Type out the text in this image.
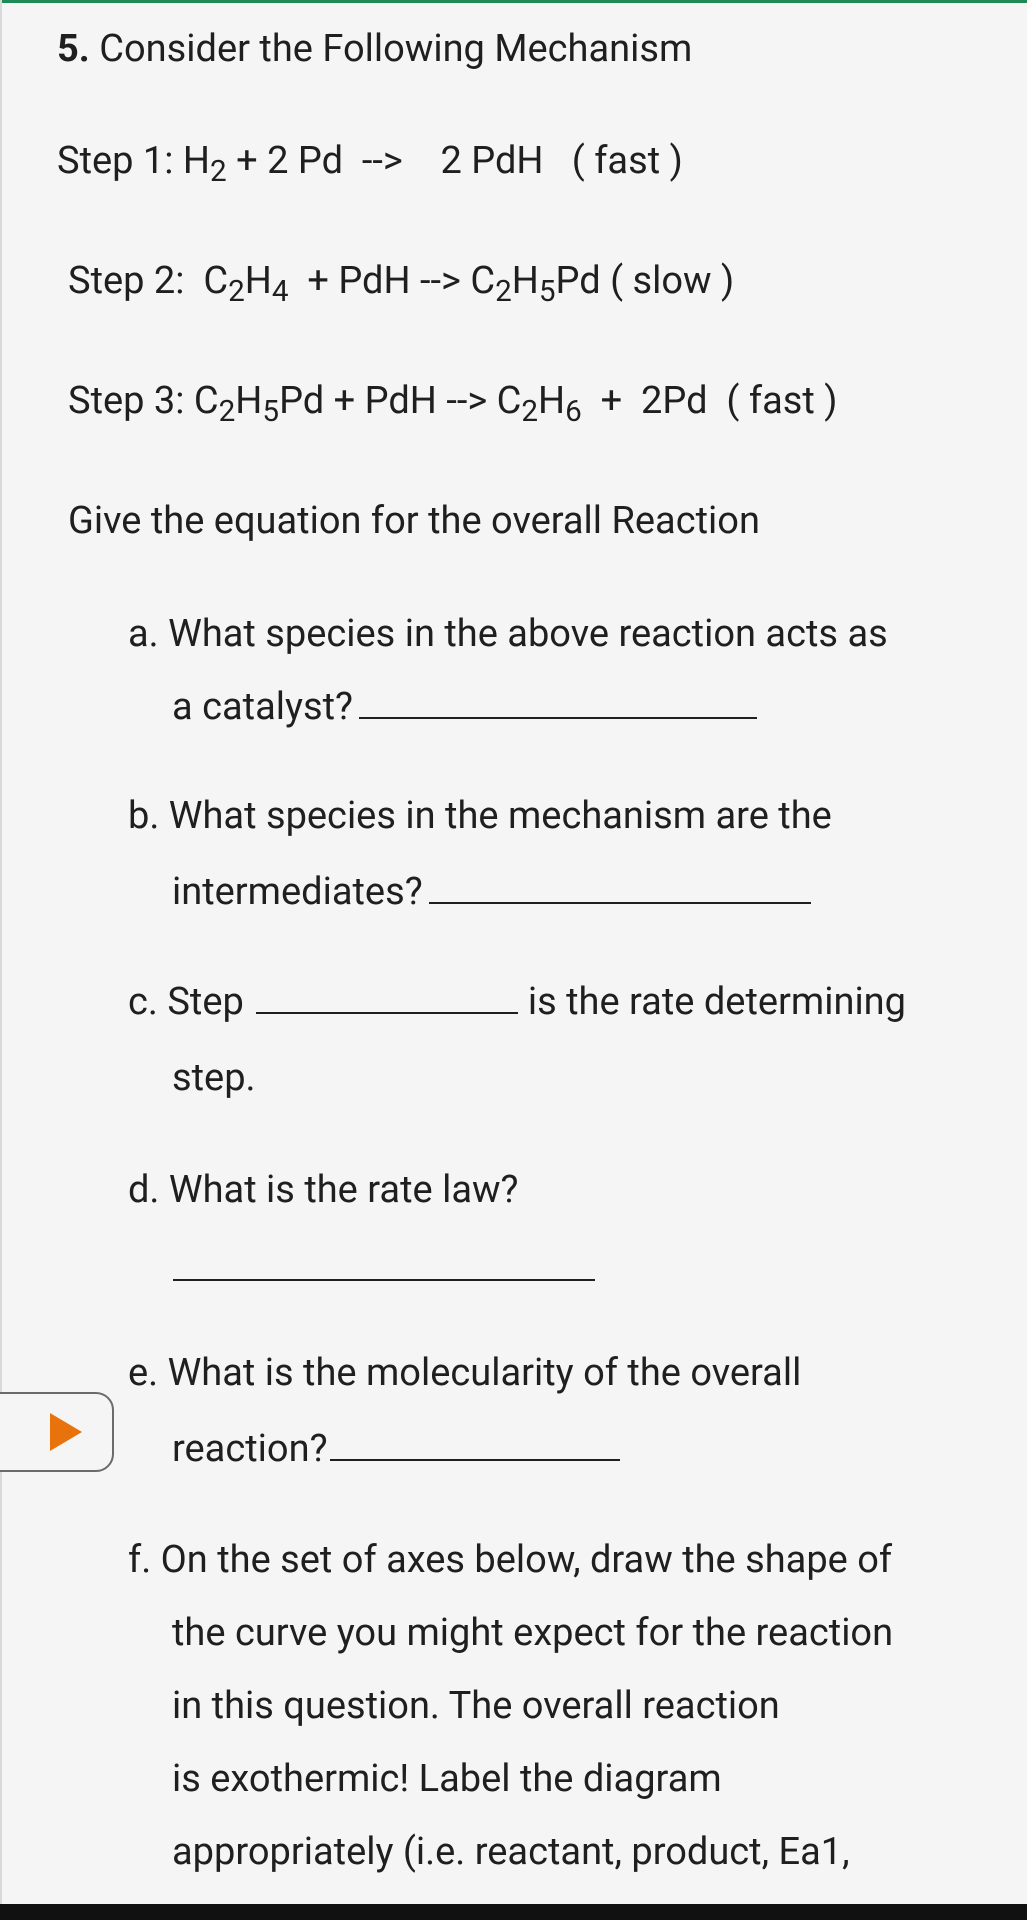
5. Consider the Following Mechanism
Step 1: $H_2 + 2$ Pd  -->    2 PdH   ( fast )
Step 2:  $C_2H_4$  + PdH --> $C_2H_5Pd$ ( slow )
Step 3: $C_2H_5Pd$ + PdH --> $C_2H_6 + 2Pd$  ( fast )
Give the equation for the overall Reaction
a. What species in the above reaction acts as
a catalyst?
b. What species in the mechanism are the
intermediates?
c. Step	is the rate determining
step.
d. What is the rate law?
e. What is the molecularity of the overall
reaction?
f. On the set of axes below, draw the shape of
the curve you might expect for the reaction
in this question. The overall reaction
is exothermic! Label the diagram
appropriately (i.e. reactant, product, Ea1,
